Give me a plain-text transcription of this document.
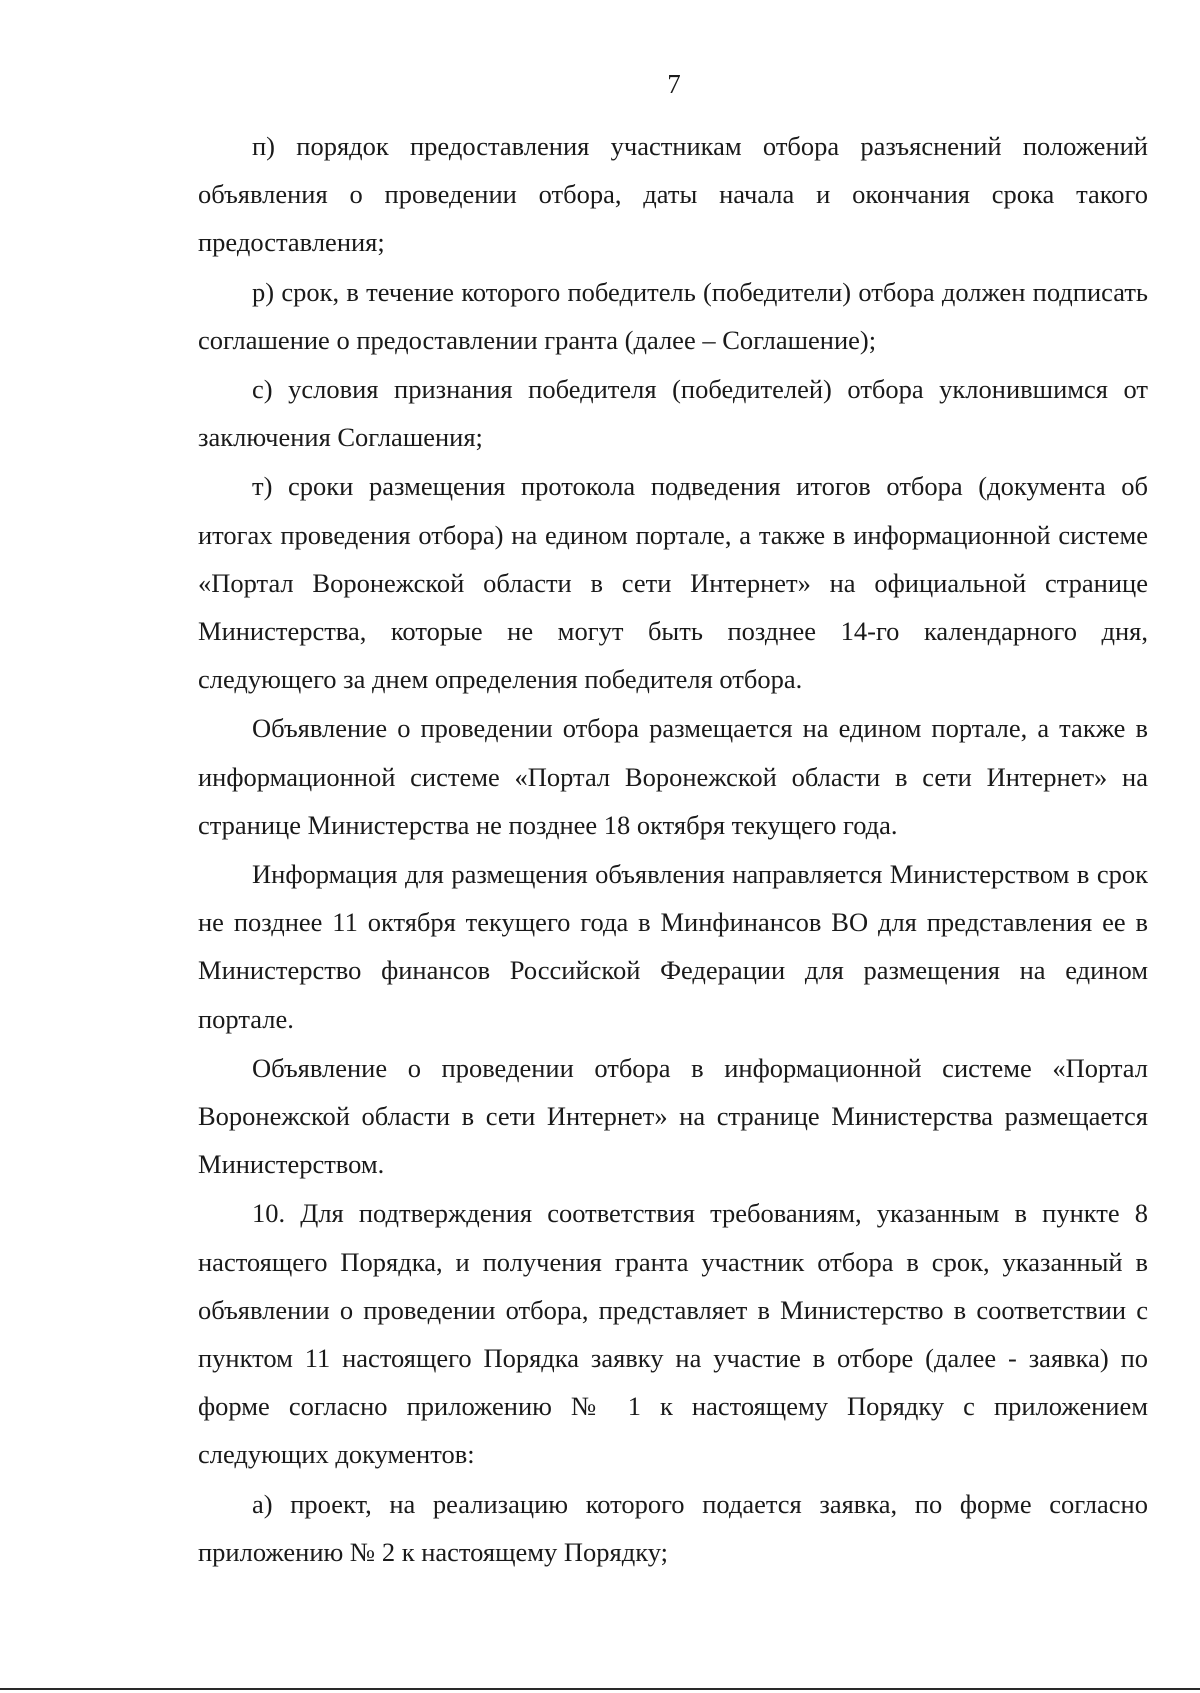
7

п) порядок предоставления участникам отбора разъяснений положений объявления о проведении отбора, даты начала и окончания срока такого предоставления;

р) срок, в течение которого победитель (победители) отбора должен подписать соглашение о предоставлении гранта (далее – Соглашение);

с) условия признания победителя (победителей) отбора уклонившимся от заключения Соглашения;

т) сроки размещения протокола подведения итогов отбора (документа об итогах проведения отбора) на едином портале, а также в информационной системе «Портал Воронежской области в сети Интернет» на официальной странице Министерства, которые не могут быть позднее 14-го календарного дня, следующего за днем определения победителя отбора.

Объявление о проведении отбора размещается на едином портале, а также в информационной системе «Портал Воронежской области в сети Интернет» на странице Министерства не позднее 18 октября текущего года.

Информация для размещения объявления направляется Министерством в срок не позднее 11 октября текущего года в Минфинансов ВО для представления ее в Министерство финансов Российской Федерации для размещения на едином портале.

Объявление о проведении отбора в информационной системе «Портал Воронежской области в сети Интернет» на странице Министерства размещается Министерством.

10. Для подтверждения соответствия требованиям, указанным в пункте 8 настоящего Порядка, и получения гранта участник отбора в срок, указанный в объявлении о проведении отбора, представляет в Министерство в соответствии с пунктом 11 настоящего Порядка заявку на участие в отборе (далее - заявка) по форме согласно приложению № 1 к настоящему Порядку с приложением следующих документов:

а) проект, на реализацию которого подается заявка, по форме согласно приложению № 2 к настоящему Порядку;
